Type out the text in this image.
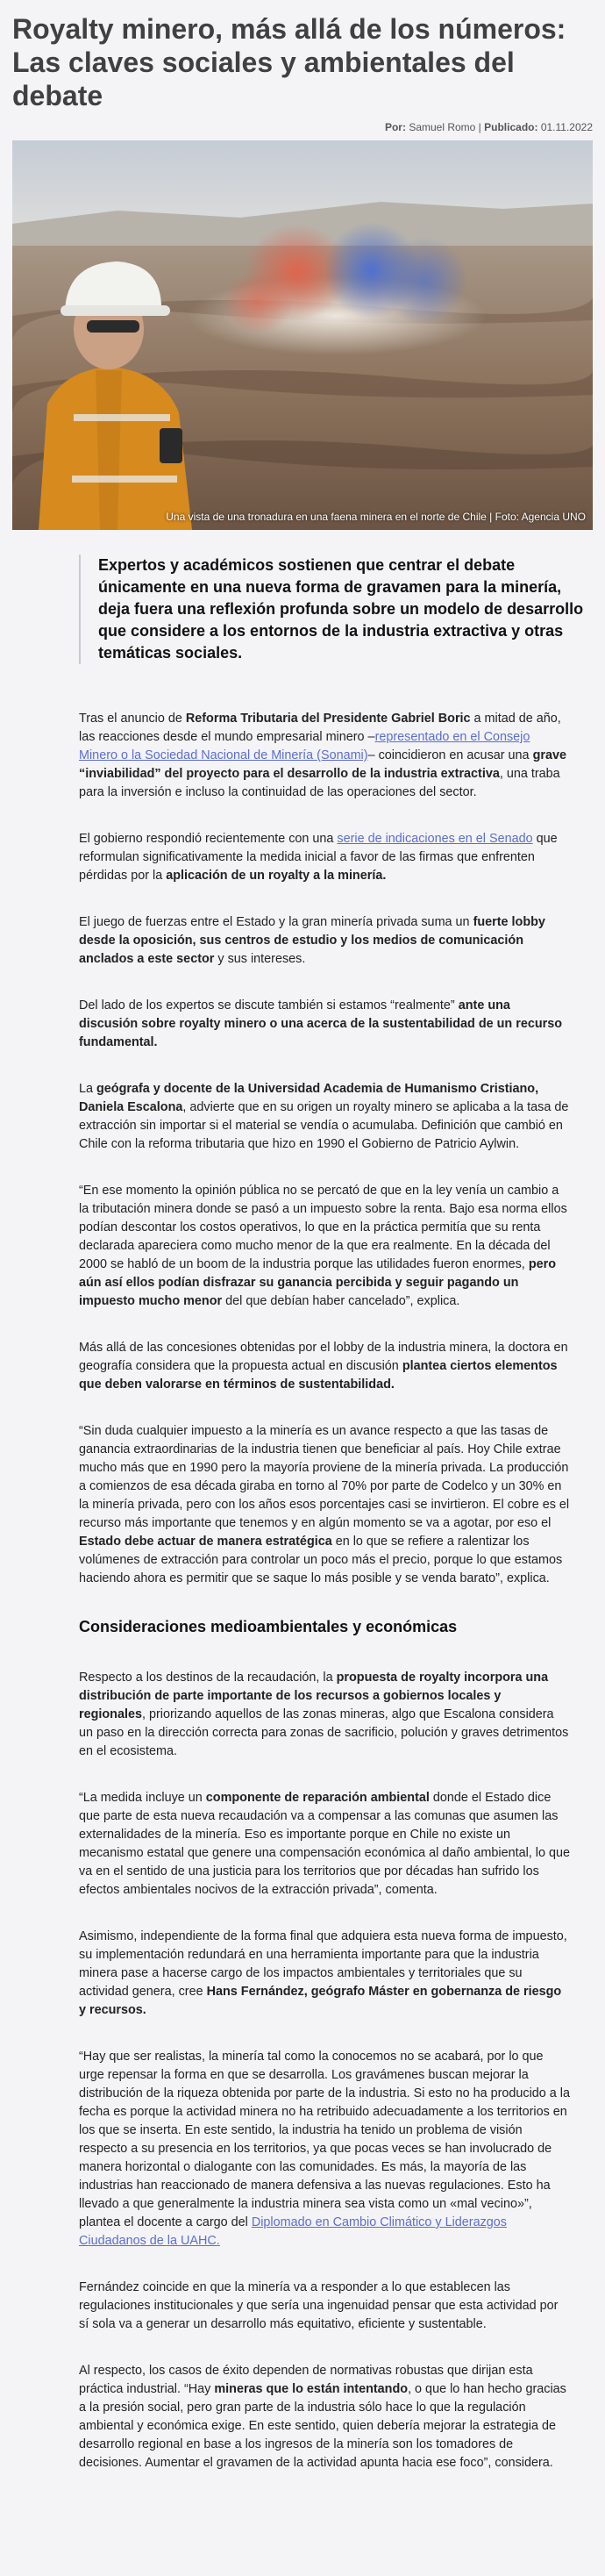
Royalty minero, más allá de los números: Las claves sociales y ambientales del debate
Por: Samuel Romo | Publicado: 01.11.2022
Una vista de una tronadura en una faena minera en el norte de Chile | Foto: Agencia UNO
Expertos y académicos sostienen que centrar el debate únicamente en una nueva forma de gravamen para la minería, deja fuera una reflexión profunda sobre un modelo de desarrollo que considere a los entornos de la industria extractiva y otras temáticas sociales.

Tras el anuncio de Reforma Tributaria del Presidente Gabriel Boric a mitad de año, las reacciones desde el mundo empresarial minero –representado en el Consejo Minero o la Sociedad Nacional de Minería (Sonami)– coincidieron en acusar una grave “inviabilidad” del proyecto para el desarrollo de la industria extractiva, una traba para la inversión e incluso la continuidad de las operaciones del sector.

El gobierno respondió recientemente con una serie de indicaciones en el Senado que reformulan significativamente la medida inicial a favor de las firmas que enfrenten pérdidas por la aplicación de un royalty a la minería.

El juego de fuerzas entre el Estado y la gran minería privada suma un fuerte lobby desde la oposición, sus centros de estudio y los medios de comunicación anclados a este sector y sus intereses.

Del lado de los expertos se discute también si estamos “realmente” ante una discusión sobre royalty minero o una acerca de la sustentabilidad de un recurso fundamental.

La geógrafa y docente de la Universidad Academia de Humanismo Cristiano, Daniela Escalona, advierte que en su origen un royalty minero se aplicaba a la tasa de extracción sin importar si el material se vendía o acumulaba. Definición que cambió en Chile con la reforma tributaria que hizo en 1990 el Gobierno de Patricio Aylwin.

“En ese momento la opinión pública no se percató de que en la ley venía un cambio a la tributación minera donde se pasó a un impuesto sobre la renta. Bajo esa norma ellos podían descontar los costos operativos, lo que en la práctica permitía que su renta declarada apareciera como mucho menor de la que era realmente. En la década del 2000 se habló de un boom de la industria porque las utilidades fueron enormes, pero aún así ellos podían disfrazar su ganancia percibida y seguir pagando un impuesto mucho menor del que debían haber cancelado”, explica.

Más allá de las concesiones obtenidas por el lobby de la industria minera, la doctora en geografía considera que la propuesta actual en discusión plantea ciertos elementos que deben valorarse en términos de sustentabilidad.

“Sin duda cualquier impuesto a la minería es un avance respecto a que las tasas de ganancia extraordinarias de la industria tienen que beneficiar al país. Hoy Chile extrae mucho más que en 1990 pero la mayoría proviene de la minería privada. La producción a comienzos de esa década giraba en torno al 70% por parte de Codelco y un 30% en la minería privada, pero con los años esos porcentajes casi se invirtieron. El cobre es el recurso más importante que tenemos y en algún momento se va a agotar, por eso el Estado debe actuar de manera estratégica en lo que se refiere a ralentizar los volúmenes de extracción para controlar un poco más el precio, porque lo que estamos haciendo ahora es permitir que se saque lo más posible y se venda barato”, explica.

Consideraciones medioambientales y económicas

Respecto a los destinos de la recaudación, la propuesta de royalty incorpora una distribución de parte importante de los recursos a gobiernos locales y regionales, priorizando aquellos de las zonas mineras, algo que Escalona considera un paso en la dirección correcta para zonas de sacrificio, polución y graves detrimentos en el ecosistema.

“La medida incluye un componente de reparación ambiental donde el Estado dice que parte de esta nueva recaudación va a compensar a las comunas que asumen las externalidades de la minería. Eso es importante porque en Chile no existe un mecanismo estatal que genere una compensación económica al daño ambiental, lo que va en el sentido de una justicia para los territorios que por décadas han sufrido los efectos ambientales nocivos de la extracción privada”, comenta.

Asimismo, independiente de la forma final que adquiera esta nueva forma de impuesto, su implementación redundará en una herramienta importante para que la industria minera pase a hacerse cargo de los impactos ambientales y territoriales que su actividad genera, cree Hans Fernández, geógrafo Máster en gobernanza de riesgo y recursos.

“Hay que ser realistas, la minería tal como la conocemos no se acabará, por lo que urge repensar la forma en que se desarrolla. Los gravámenes buscan mejorar la distribución de la riqueza obtenida por parte de la industria. Si esto no ha producido a la fecha es porque la actividad minera no ha retribuido adecuadamente a los territorios en los que se inserta. En este sentido, la industria ha tenido un problema de visión respecto a su presencia en los territorios, ya que pocas veces se han involucrado de manera horizontal o dialogante con las comunidades. Es más, la mayoría de las industrias han reaccionado de manera defensiva a las nuevas regulaciones. Esto ha llevado a que generalmente la industria minera sea vista como un «mal vecino»”, plantea el docente a cargo del Diplomado en Cambio Climático y Liderazgos Ciudadanos de la UAHC.

Fernández coincide en que la minería va a responder a lo que establecen las regulaciones institucionales y que sería una ingenuidad pensar que esta actividad por sí sola va a generar un desarrollo más equitativo, eficiente y sustentable.

Al respecto, los casos de éxito dependen de normativas robustas que dirijan esta práctica industrial. “Hay mineras que lo están intentando, o que lo han hecho gracias a la presión social, pero gran parte de la industria sólo hace lo que la regulación ambiental y económica exige. En este sentido, quien debería mejorar la estrategia de desarrollo regional en base a los ingresos de la minería son los tomadores de decisiones. Aumentar el gravamen de la actividad apunta hacia ese foco”, considera.
